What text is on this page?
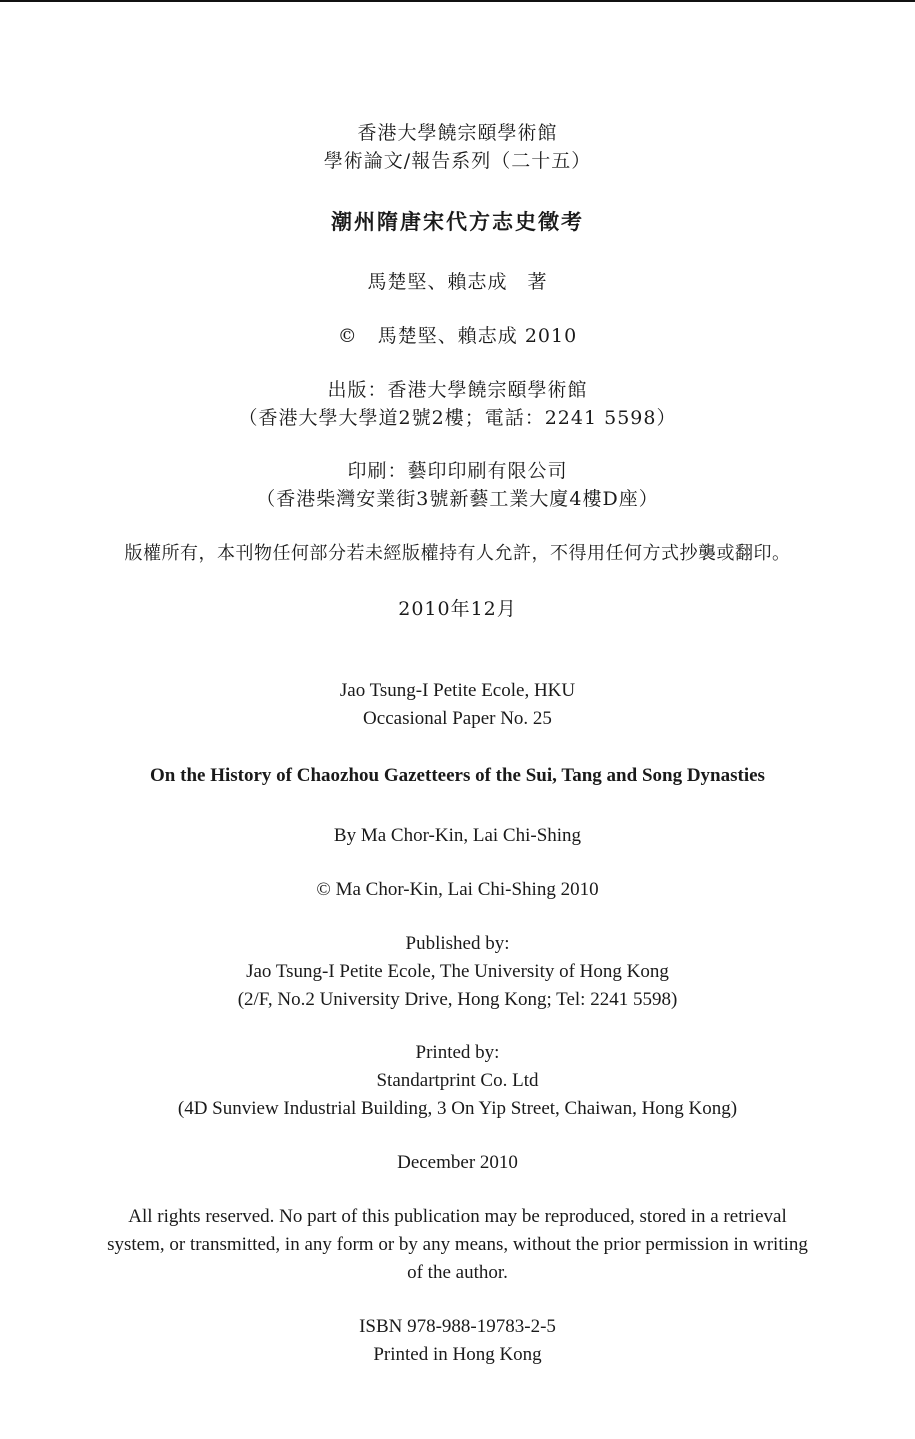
香港大學饒宗頤學術館
學術論文/報告系列（二十五）
潮州隋唐宋代方志史徵考
馬楚堅、賴志成　著
©　馬楚堅、賴志成 2010
出版：香港大學饒宗頤學術館
（香港大學大學道2號2樓；電話：2241 5598）
印刷：藝印印刷有限公司
（香港柴灣安業街3號新藝工業大廈4樓D座）
版權所有，本刊物任何部分若未經版權持有人允許，不得用任何方式抄襲或翻印。
2010年12月
Jao Tsung-I Petite Ecole, HKU
Occasional Paper No. 25
On the History of Chaozhou Gazetteers of the Sui, Tang and Song Dynasties
By Ma Chor-Kin, Lai Chi-Shing
© Ma Chor-Kin, Lai Chi-Shing 2010
Published by:
Jao Tsung-I Petite Ecole, The University of Hong Kong
(2/F, No.2 University Drive, Hong Kong; Tel: 2241 5598)
Printed by:
Standartprint Co. Ltd
(4D Sunview Industrial Building, 3 On Yip Street, Chaiwan, Hong Kong)
December 2010
All rights reserved. No part of this publication may be reproduced, stored in a retrieval
system, or transmitted, in any form or by any means, without the prior permission in writing
of the author.
ISBN 978-988-19783-2-5
Printed in Hong Kong
